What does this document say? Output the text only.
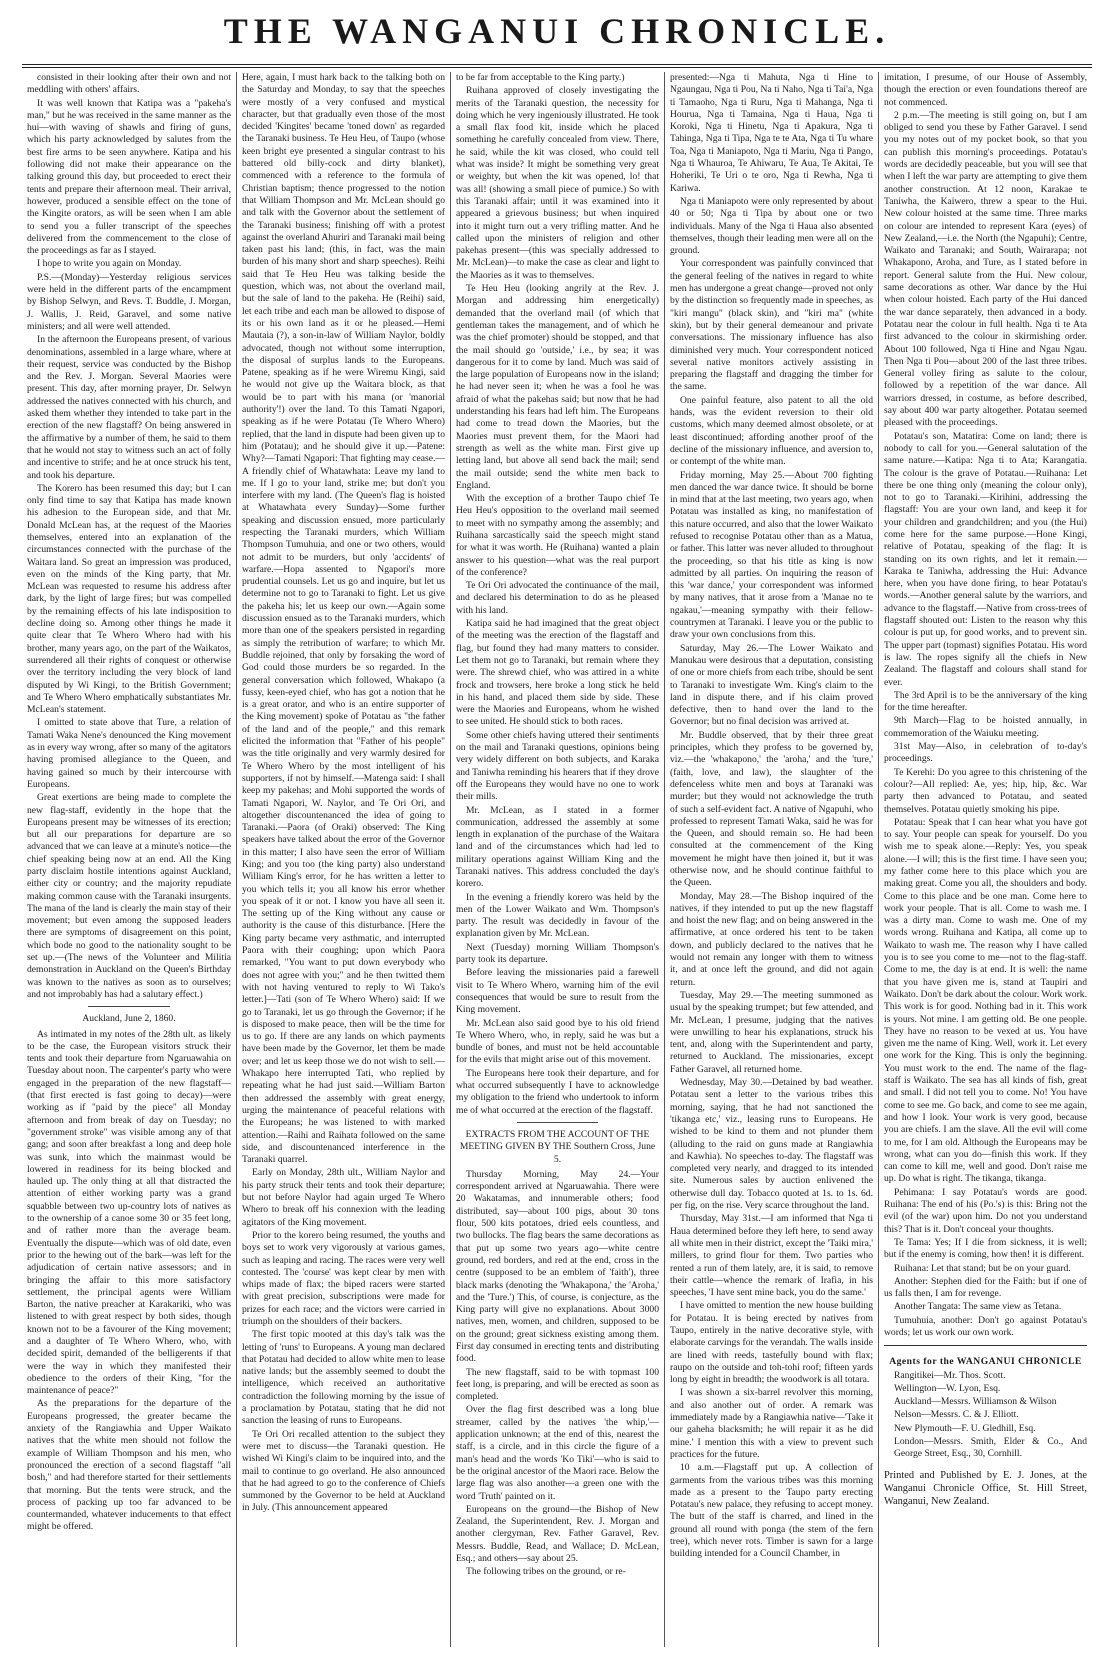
THE WANGANUI CHRONICLE.

consisted in their looking after their own and not meddling with others' affairs.

It was well known that Katipa was a "pakeha's man," but he was received in the same manner as the hui—with waving of shawls and firing of guns, which his party acknowledged by salutes from the best fire arms to be seen anywhere. Katipa and his following did not make their appearance on the talking ground this day, but proceeded to erect their tents and prepare their afternoon meal. Their arrival, however, produced a sensible effect on the tone of the Kingite orators, as will be seen when I am able to send you a fuller transcript of the speeches delivered from the commencement to the close of the proceedings as far as I stayed.

I hope to write you again on Monday.

P.S.—(Monday)—Yesterday religious services were held in the different parts of the encampment by Bishop Selwyn, and Revs. T. Buddle, J. Morgan, J. Wallis, J. Reid, Garavel, and some native ministers; and all were well attended.

In the afternoon the Europeans present, of various denominations, assembled in a large whare, where at their request, service was conducted by the Bishop and the Rev. J. Morgan. Several Maories were present. This day, after morning prayer, Dr. Selwyn addressed the natives connected with his church, and asked them whether they intended to take part in the erection of the new flagstaff? On being answered in the affirmative by a number of them, he said to them that he would not stay to witness such an act of folly and incentive to strife; and he at once struck his tent, and took his departure.

The Korero has been resumed this day; but I can only find time to say that Katipa has made known his adhesion to the European side, and that Mr. Donald McLean has, at the request of the Maories themselves, entered into an explanation of the circumstances connected with the purchase of the Waitara land. So great an impression was produced, even on the minds of the King party, that Mr. McLean was requested to resume his address after dark, by the light of large fires; but was compelled by the remaining effects of his late indisposition to decline doing so. Among other things he made it quite clear that Te Whero Whero had with his brother, many years ago, on the part of the Waikatos, surrendered all their rights of conquest or otherwise over the territory including the very block of land disputed by Wi Kingi, to the British Government; and Te Whero Whero emphatically substantiates Mr. McLean's statement.

I omitted to state above that Ture, a relation of Tamati Waka Nene's denounced the King movement as in every way wrong, after so many of the agitators having promised allegiance to the Queen, and having gained so much by their intercourse with Europeans.

Great exertions are being made to complete the new flag-staff, evidently in the hope that the Europeans present may be witnesses of its erection; but all our preparations for departure are so advanced that we can leave at a minute's notice—the chief speaking being now at an end. All the King party disclaim hostile intentions against Auckland, either city or country; and the majority repudiate making common cause with the Taranaki insurgents. The mana of the land is clearly the main stay of their movement; but even among the supposed leaders there are symptoms of disagreement on this point, which bode no good to the nationality sought to be set up.—(The news of the Volunteer and Militia demonstration in Auckland on the Queen's Birthday was known to the natives as soon as to ourselves; and not improbably has had a salutary effect.)

Auckland, June 2, 1860.

As intimated in my notes of the 28th ult. as likely to be the case, the European visitors struck their tents and took their departure from Ngaruawahia on Tuesday about noon. The carpenter's party who were engaged in the preparation of the new flagstaff—(that first erected is fast going to decay)—were working as if "paid by the piece" all Monday afternoon and from break of day on Tuesday; no "government stroke" was visible among any of that gang; and soon after breakfast a long and deep hole was sunk, into which the mainmast would be lowered in readiness for its being blocked and hauled up. The only thing at all that distracted the attention of either working party was a grand squabble between two up-country lots of natives as to the ownership of a canoe some 30 or 35 feet long, and of rather more than the average beam. Eventually the dispute—which was of old date, even prior to the hewing out of the bark—was left for the adjudication of certain native assessors; and in bringing the affair to this more satisfactory settlement, the principal agents were William Barton, the native preacher at Karakariki, who was listened to with great respect by both sides, though known not to be a favourer of the King movement; and a daughter of Te Whero Whero, who, with decided spirit, demanded of the belligerents if that were the way in which they manifested their obedience to the orders of their King, "for the maintenance of peace?"

As the preparations for the departure of the Europeans progressed, the greater became the anxiety of the Rangiawhia and Upper Waikato natives that the white men should not follow the example of William Thompson and his men, who pronounced the erection of a second flagstaff "all bosh," and had therefore started for their settlements that morning. But the tents were struck, and the process of packing up too far advanced to be countermanded, whatever inducements to that effect might be offered.

Here, again, I must hark back to the talking both on the Saturday and Monday, to say that the speeches were mostly of a very confused and mystical character, but that gradually even those of the most decided 'Kingites' became 'toned down' as regarded the Taranaki business. Te Heu Heu, of Taupo (whose keen bright eye presented a singular contrast to his battered old billy-cock and dirty blanket), commenced with a reference to the formula of Christian baptism; thence progressed to the notion that William Thompson and Mr. McLean should go and talk with the Governor about the settlement of the Taranaki business; finishing off with a protest against the overland Ahuriri and Taranaki mail being taken past his land; (this, in fact, was the main burden of his many short and sharp speeches). Reihi said that Te Heu Heu was talking beside the question, which was, not about the overland mail, but the sale of land to the pakeha. He (Reihi) said, let each tribe and each man be allowed to dispose of its or his own land as it or he pleased.—Hemi Mautaia (?), a son-in-law of William Naylor, boldly advocated, though not without some interruption, the disposal of surplus lands to the Europeans. Patene, speaking as if he were Wiremu Kingi, said he would not give up the Waitara block, as that would be to part with his mana (or 'manorial authority'!) over the land. To this Tamati Ngapori, speaking as if he were Potatau (Te Whero Whero) replied, that the land in dispute had been given up to him (Potatau); and he should give it up.—Patene: Why?—Tamati Ngapori: That fighting may cease.—A friendly chief of Whatawhata: Leave my land to me. If I go to your land, strike me; but don't you interfere with my land. (The Queen's flag is hoisted at Whatawhata every Sunday)—Some further speaking and discussion ensued, more particularly respecting the Taranaki murders, which William Thompson Tumuhuia, and one or two others, would not admit to be murders, but only 'accidents' of warfare.—Hopa assented to Ngapori's more prudential counsels. Let us go and inquire, but let us determine not to go to Taranaki to fight. Let us give the pakeha his; let us keep our own.—Again some discussion ensued as to the Taranaki murders, which more than one of the speakers persisted in regarding as simply the retribution of warfare; to which Mr. Buddle rejoined, that only by forsaking the word of God could those murders be so regarded. In the general conversation which followed, Whakapo (a fussy, keen-eyed chief, who has got a notion that he is a great orator, and who is an entire supporter of the King movement) spoke of Potatau as "the father of the land and of the people," and this remark elicited the information that "Father of his people" was the title originally and very warmly desired for Te Whero Whero by the most intelligent of his supporters, if not by himself.—Matenga said: I shall keep my pakehas; and Mohi supported the words of Tamati Ngapori, W. Naylor, and Te Ori Ori, and altogether discountenanced the idea of going to Taranaki.—Paora (of Oraki) observed: The King speakers have talked about the error of the Governor in this matter; I also have seen the error of William King; and you too (the king party) also understand William King's error, for he has written a letter to you which tells it; you all know his error whether you speak of it or not. I know you have all seen it. The setting up of the King without any cause or authority is the cause of this disturbance. [Here the King party became very asthmatic, and interrupted Paora with their coughing; upon which Paora remarked, "You want to put down everybody who does not agree with you;" and he then twitted them with not having ventured to reply to Wi Tako's letter.]—Tati (son of Te Whero Whero) said: If we go to Taranaki, let us go through the Governor; if he is disposed to make peace, then will be the time for us to go. If there are any lands on which payments have been made by the Governor, let them be made over; and let us keep those we do not wish to sell.—Whakapo here interrupted Tati, who replied by repeating what he had just said.—William Barton then addressed the assembly with great energy, urging the maintenance of peaceful relations with the Europeans; he was listened to with marked attention.—Raihi and Raihata followed on the same side, and discountenanced interference in the Taranaki quarrel.

Early on Monday, 28th ult., William Naylor and his party struck their tents and took their departure; but not before Naylor had again urged Te Whero Whero to break off his connexion with the leading agitators of the King movement.

Prior to the korero being resumed, the youths and boys set to work very vigorously at various games, such as leaping and racing. The races were very well contested. The 'course' was kept clear by men with whips made of flax; the biped racers were started with great precision, subscriptions were made for prizes for each race; and the victors were carried in triumph on the shoulders of their backers.

The first topic mooted at this day's talk was the letting of 'runs' to Europeans. A young man declared that Potatau had decided to allow white men to lease native lands; but the assembly seemed to doubt the intelligence, which received an authoritative contradiction the following morning by the issue of a proclamation by Potatau, stating that he did not sanction the leasing of runs to Europeans.

Te Ori Ori recalled attention to the subject they were met to discuss—the Taranaki question. He wished Wi Kingi's claim to be inquired into, and the mail to continue to go overland. He also announced that he had agreed to go to the conference of Chiefs summoned by the Governor to be held at Auckland in July. (This announcement appeared

to be far from acceptable to the King party.)

Ruihana approved of closely investigating the merits of the Taranaki question, the necessity for doing which he very ingeniously illustrated. He took a small flax food kit, inside which he placed something he carefully concealed from view. There, he said, while the kit was closed, who could tell what was inside? It might be something very great or weighty, but when the kit was opened, lo! that was all! (showing a small piece of pumice.) So with this Taranaki affair; until it was examined into it appeared a grievous business; but when inquired into it might turn out a very trifling matter. And he called upon the ministers of religion and other pakehas present—(this was specially addressed to Mr. McLean)—to make the case as clear and light to the Maories as it was to themselves.

Te Heu Heu (looking angrily at the Rev. J. Morgan and addressing him energetically) demanded that the overland mail (of which that gentleman takes the management, and of which he was the chief promoter) should be stopped, and that the mail should go 'outside,' i.e., by sea; it was dangerous for it to come by land. Much was said of the large population of Europeans now in the island; he had never seen it; when he was a fool he was afraid of what the pakehas said; but now that he had understanding his fears had left him. The Europeans had come to tread down the Maories, but the Maories must prevent them, for the Maori had strength as well as the white man. First give up letting land, but above all send back the mail; send the mail outside; send the white men back to England.

With the exception of a brother Taupo chief Te Heu Heu's opposition to the overland mail seemed to meet with no sympathy among the assembly; and Ruihana sarcastically said the speech might stand for what it was worth. He (Ruihana) wanted a plain answer to his question—what was the real purport of the conference?

Te Ori Ori advocated the continuance of the mail, and declared his determination to do as he pleased with his land.

Katipa said he had imagined that the great object of the meeting was the erection of the flagstaff and flag, but found they had many matters to consider. Let them not go to Taranaki, but remain where they were. The shrewd chief, who was attired in a white frock and trowsers, here broke a long stick he held in his hand, and placed them side by side. These were the Maories and Europeans, whom he wished to see united. He should stick to both races.

Some other chiefs having uttered their sentiments on the mail and Taranaki questions, opinions being very widely different on both subjects, and Karaka and Taniwha reminding his hearers that if they drove off the Europeans they would have no one to work their mills.

Mr. McLean, as I stated in a former communication, addressed the assembly at some length in explanation of the purchase of the Waitara land and of the circumstances which had led to military operations against William King and the Taranaki natives. This address concluded the day's korero.

In the evening a friendly korero was held by the men of the Lower Waikato and Wm. Thompson's party. The result was decidedly in favour of the explanation given by Mr. McLean.

Next (Tuesday) morning William Thompson's party took its departure.

Before leaving the missionaries paid a farewell visit to Te Whero Whero, warning him of the evil consequences that would be sure to result from the King movement.

Mr. McLean also said good bye to his old friend Te Whero Whero, who, in reply, said he was but a bundle of bones, and must not be held accountable for the evils that might arise out of this movement.

The Europeans here took their departure, and for what occurred subsequently I have to acknowledge my obligation to the friend who undertook to inform me of what occurred at the erection of the flagstaff.

EXTRACTS FROM THE ACCOUNT OF THE MEETING GIVEN BY THE Southern Cross, June 5.

Thursday Morning, May 24.—Your correspondent arrived at Ngaruawahia. There were 20 Wakatamas, and innumerable others; food distributed, say—about 100 pigs, about 30 tons flour, 500 kits potatoes, dried eels countless, and two bullocks. The flag bears the same decorations as that put up some two years ago—white centre ground, red borders, and red at the end, cross in the centre (supposed to be an emblem of 'faith'), three black marks (denoting the 'Whakapona,' the 'Aroha,' and the 'Ture.') This, of course, is conjecture, as the King party will give no explanations. About 3000 natives, men, women, and children, supposed to be on the ground; great sickness existing among them. First day consumed in erecting tents and distributing food.

The new flagstaff, said to be with topmast 100 feet long, is preparing, and will be erected as soon as completed.

Over the flag first described was a long blue streamer, called by the natives 'the whip,'—application unknown; at the end of this, nearest the staff, is a circle, and in this circle the figure of a man's head and the words 'Ko Tiki'—who is said to be the original ancestor of the Maori race. Below the large flag was also another—a green one with the word 'Truth' painted on it.

Europeans on the ground—the Bishop of New Zealand, the Superintendent, Rev. J. Morgan and another clergyman, Rev. Father Garavel, Rev. Messrs. Buddle, Read, and Wallace; D. McLean, Esq.; and others—say about 25.

The following tribes on the ground, or re-

presented:—Nga ti Mahuta, Nga ti Hine to Ngaungau, Nga ti Pou, Na ti Naho, Nga ti Tai'a, Nga ti Tamaoho, Nga ti Ruru, Nga ti Mahanga, Nga ti Hourua, Nga ti Tamaina, Nga ti Haua, Nga ti Koroki, Nga ti Hinetu, Nga ti Apakura, Nga ti Tahinga, Nga ti Tipa, Nga te te Ata, Nga ti Tu whare Toa, Nga ti Maniapoto, Nga ti Mariu, Nga ti Pango, Nga ti Whauroa, Te Ahiwaru, Te Aua, Te Akitai, Te Hoheriki, Te Uri o te oro, Nga ti Rewha, Nga ti Kariwa.

Nga ti Maniapoto were only represented by about 40 or 50; Nga ti Tipa by about one or two individuals. Many of the Nga ti Haua also absented themselves, though their leading men were all on the ground.

Your correspondent was painfully convinced that the general feeling of the natives in regard to white men has undergone a great change—proved not only by the distinction so frequently made in speeches, as "kiri mangu" (black skin), and "kiri ma" (white skin), but by their general demeanour and private conversations. The missionary influence has also diminished very much. Your correspondent noticed several native monitors actively assisting in preparing the flagstaff and dragging the timber for the same.

One painful feature, also patent to all the old hands, was the evident reversion to their old customs, which many deemed almost obsolete, or at least discontinued; affording another proof of the decline of the missionary influence, and aversion to, or contempt of the white man.

Friday morning, May 25.—About 700 fighting men danced the war dance twice. It should be borne in mind that at the last meeting, two years ago, when Potatau was installed as king, no manifestation of this nature occurred, and also that the lower Waikato refused to recognise Potatau other than as a Matua, or father. This latter was never alluded to throughout the proceeding, so that his title as king is now admitted by all parties. On inquiring the reason of this 'war dance,' your correspondent was informed by many natives, that it arose from a 'Manae no te ngakau,'—meaning sympathy with their fellow-countrymen at Taranaki. I leave you or the public to draw your own conclusions from this.

Saturday, May 26.—The Lower Waikato and Manukau were desirous that a deputation, consisting of one or more chiefs from each tribe, should be sent to Taranaki to investigate Wm. King's claim to the land in dispute there, and if his claim proved defective, then to hand over the land to the Governor; but no final decision was arrived at.

Mr. Buddle observed, that by their three great principles, which they profess to be governed by, viz.—the 'whakapono,' the 'aroha,' and the 'ture,' (faith, love, and law), the slaughter of the defenceless white men and boys at Taranaki was murder; but they would not acknowledge the truth of such a self-evident fact. A native of Ngapuhi, who professed to represent Tamati Waka, said he was for the Queen, and should remain so. He had been consulted at the commencement of the King movement he might have then joined it, but it was otherwise now, and he should continue faithful to the Queen.

Monday, May 28.—The Bishop inquired of the natives, if they intended to put up the new flagstaff and hoist the new flag; and on being answered in the affirmative, at once ordered his tent to be taken down, and publicly declared to the natives that he would not remain any longer with them to witness it, and at once left the ground, and did not again return.

Tuesday, May 29.—The meeting summoned as usual by the speaking trumpet; but few attended, and Mr. McLean, I presume, judging that the natives were unwilling to hear his explanations, struck his tent, and, along with the Superintendent and party, returned to Auckland. The missionaries, except Father Garavel, all returned home.

Wednesday, May 30.—Detained by bad weather. Potatau sent a letter to the various tribes this morning, saying, that he had not sanctioned the 'tikanga etc,' viz., leasing runs to Europeans. He wished to be kind to them and not plunder them (alluding to the raid on guns made at Rangiawhia and Kawhia). No speeches to-day. The flagstaff was completed very nearly, and dragged to its intended site. Numerous sales by auction enlivened the otherwise dull day. Tobacco quoted at 1s. to 1s. 6d. per fig, on the rise. Very scarce throughout the land.

Thursday, May 31st.—I am informed that Nga ti Haua determined before they left here, to send away all white men in their district, except the 'Taiki mira,' millers, to grind flour for them. Two parties who rented a run of them lately, are, it is said, to remove their cattle—whence the remark of Irafia, in his speeches, 'I have sent mine back, you do the same.'

I have omitted to mention the new house building for Potatau. It is being erected by natives from Taupo, entirely in the native decorative style, with elaborate carvings for the verandah. The walls inside are lined with reeds, tastefully bound with flax; raupo on the outside and toh-tohi roof; fifteen yards long by eight in breadth; the woodwork is all totara.

I was shown a six-barrel revolver this morning, and also another out of order. A remark was immediately made by a Rangiawhia native—'Take it our gaheha blacksmith; he will repair it as he did mine.' I mention this with a view to prevent such practices for the future.

10 a.m.—Flagstaff put up. A collection of garments from the various tribes was this morning made as a present to the Taupo party erecting Potatau's new palace, they refusing to accept money. The butt of the staff is charred, and lined in the ground all round with ponga (the stem of the fern tree), which never rots. Timber is sawn for a large building intended for a Council Chamber, in

imitation, I presume, of our House of Assembly, though the erection or even foundations thereof are not commenced.

2 p.m.—The meeting is still going on, but I am obliged to send you these by Father Garavel. I send you my notes out of my pocket book, so that you can publish this morning's proceedings. Potatau's words are decidedly peaceable, but you will see that when I left the war party are attempting to give them another construction. At 12 noon, Karakae te Taniwha, the Kaiwero, threw a spear to the Hui. New colour hoisted at the same time. Three marks on colour are intended to represent Kara (eyes) of New Zealand,—i.e. the North (the Ngapuhi); Centre, Waikato and Taranaki; and South, Wairarapa; not Whakapono, Aroha, and Ture, as I stated before in report. General salute from the Hui. New colour, same decorations as other. War dance by the Hui when colour hoisted. Each party of the Hui danced the war dance separately, then advanced in a body. Potatau near the colour in full health. Nga ti te Ata first advanced to the colour in skirmishing order. About 100 followed, Nga ti Hine and Ngau Ngau. Then Nga ti Pou—about 200 of the last three tribes. General volley firing as salute to the colour, followed by a repetition of the war dance. All warriors dressed, in costume, as before described, say about 400 war party altogether. Potatau seemed pleased with the proceedings.

Potatau's son, Matatira: Come on land; there is nobody to call for you.—General salutation of the same nature.—Katipa: Nga ti to Ata; Karangatia. The colour is the grave of Potatau.—Ruihana: Let there be one thing only (meaning the colour only), not to go to Taranaki.—Kirihini, addressing the flagstaff: You are your own land, and keep it for your children and grandchildren; and you (the Hui) come here for the same purpose.—Hone Kingi, relative of Potatau, speaking of the flag: It is standing on its own rights, and let it remain.—Karaka te Taniwha, addressing the Hui: Advance here, when you have done firing, to hear Potatau's words.—Another general salute by the warriors, and advance to the flagstaff.—Native from cross-trees of flagstaff shouted out: Listen to the reason why this colour is put up, for good works, and to prevent sin. The upper part (topmast) signifies Potatau. His word is law. The ropes signify all the chiefs in New Zealand. The flagstaff and colours shall stand for ever.

The 3rd April is to be the anniversary of the king for the time hereafter.

9th March—Flag to be hoisted annually, in commemoration of the Waiuku meeting.

31st May—Also, in celebration of to-day's proceedings.

Te Kerehi: Do you agree to this christening of the colour?—All replied: Ae, yes; hip, hip, &c. War party then advanced to Potatau, and seated themselves. Potatau quietly smoking his pipe.

Potatau: Speak that I can hear what you have got to say. Your people can speak for yourself. Do you wish me to speak alone.—Reply: Yes, you speak alone.—I will; this is the first time. I have seen you; my father come here to this place which you are making great. Come you all, the shoulders and body. Come to this place and be one man. Come here to work your people. That is all. Come to wash me. I was a dirty man. Come to wash me. One of my words wrong. Ruihana and Katipa, all come up to Waikato to wash me. The reason why I have called you is to see you come to me—not to the flag-staff. Come to me, the day is at end. It is well: the name that you have given me is, stand at Taupiri and Waikato. Don't be dark about the colour. Work work. This work is for good. Nothing bad in it. This work is yours. Not mine. I am getting old. Be one people. They have no reason to be vexed at us. You have given me the name of King. Well, work it. Let every one work for the King. This is only the beginning. You must work to the end. The name of the flag-staff is Waikato. The sea has all kinds of fish, great and small. I did not tell you to come. No! You have come to see me. Go back, and come to see me again, and how I look. Your work is very good, because you are chiefs. I am the slave. All the evil will come to me, for I am old. Although the Europeans may be wrong, what can you do—finish this work. If they can come to kill me, well and good. Don't raise me up. Do what is right. The tikanga, tikanga.

Pehimana: I say Potatau's words are good. Ruihana: The end of his (Po.'s) is this: Bring not the evil (of the war) upon him. Do not you understand this? That is it. Don't conceal your thoughts.

Te Tama: Yes; If I die from sickness, it is well; but if the enemy is coming, how then! it is different.

Ruihana: Let that stand; but be on your guard.

Another: Stephen died for the Faith: but if one of us falls then, I am for revenge.

Another Tangata: The same view as Tetana.

Tumuhuia, another: Don't go against Potatau's words; let us work our own work.

Agents for the WANGANUI CHRONICLE

Rangitikei—Mr. Thos. Scott.

Wellington—W. Lyon, Esq.

Auckland—Messrs. Williamson & Wilson

Nelson—Messrs. C. & J. Elliott.

New Plymouth—F. U. Gledhill, Esq.

London—Messrs. Smith, Elder & Co., And George Street, Esq., 30, Cornhill.

Printed and Published by E. J. Jones, at the Wanganui Chronicle Office, St. Hill Street, Wanganui, New Zealand.
